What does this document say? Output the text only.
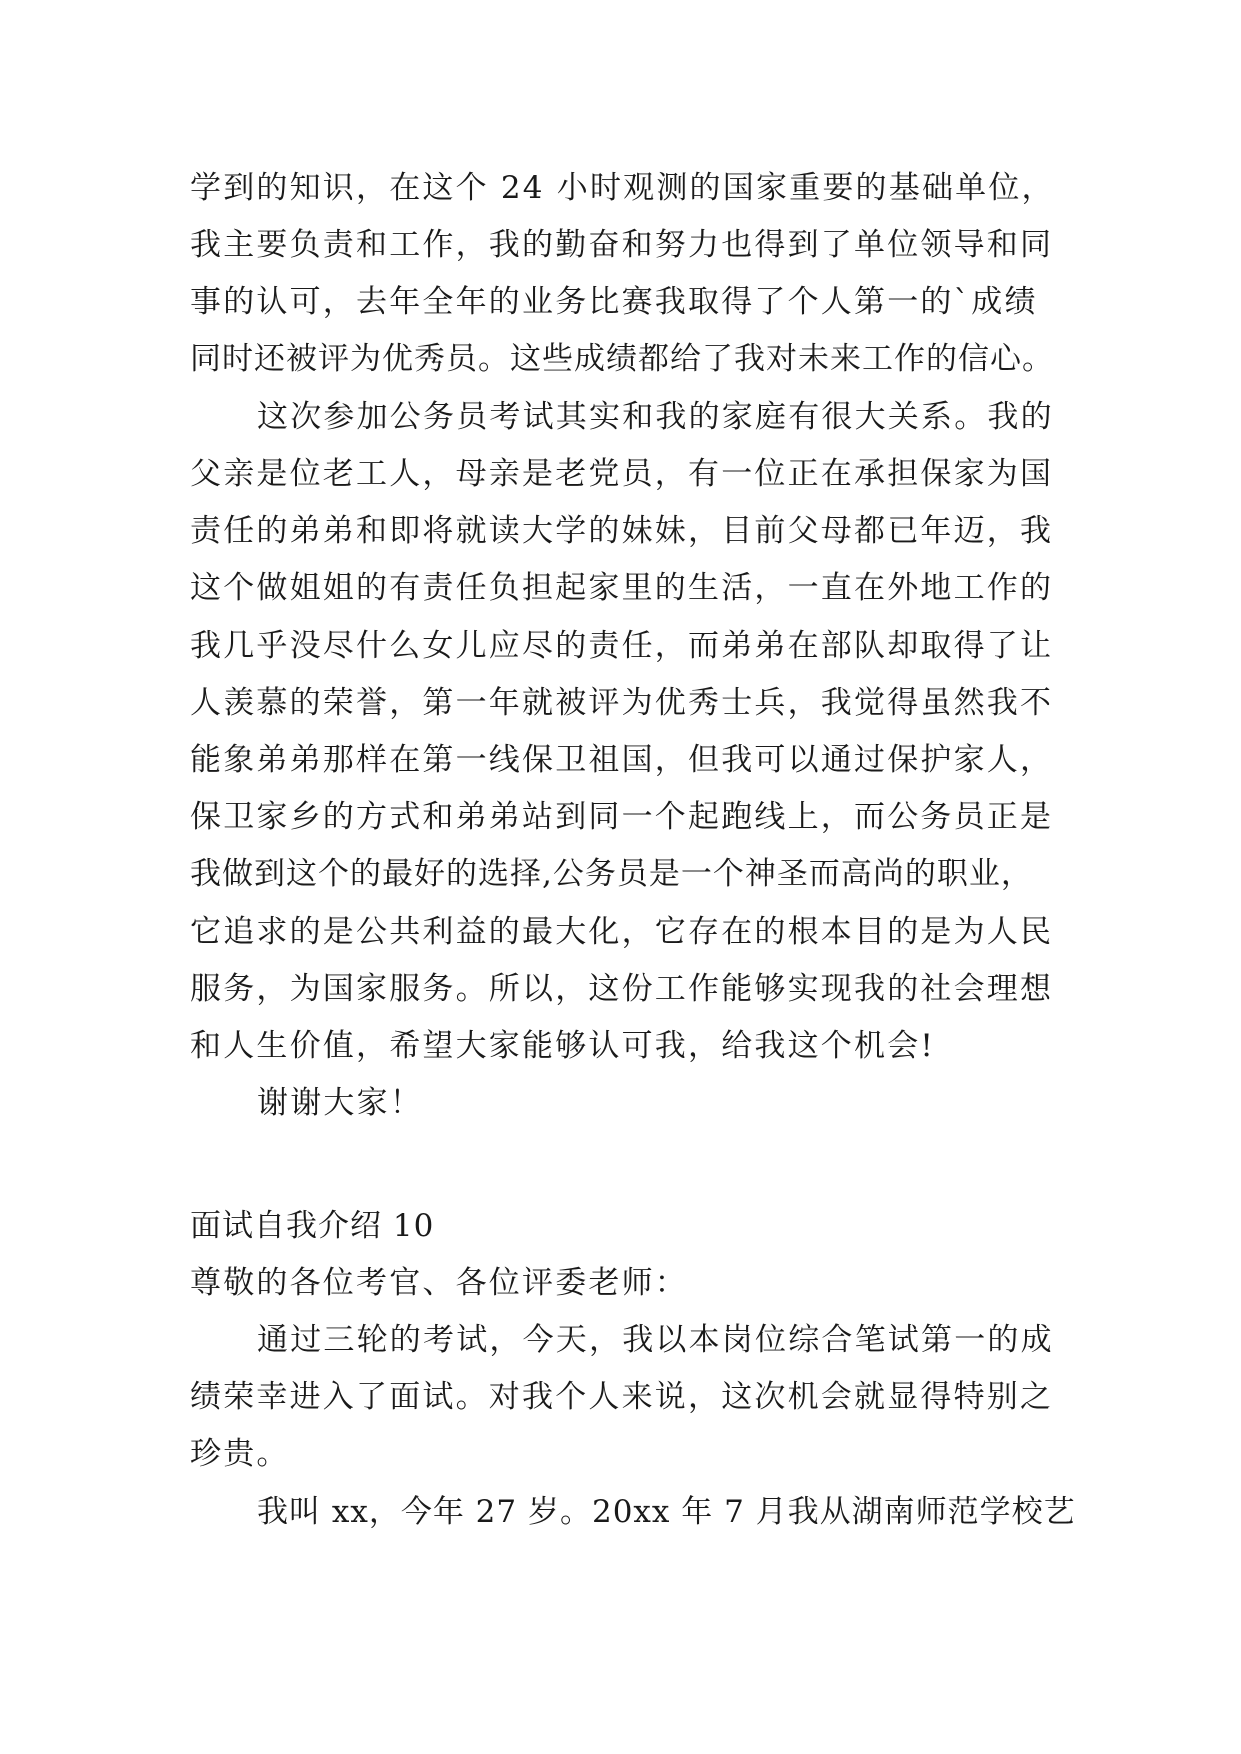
学到的知识，在这个 24 小时观测的国家重要的基础单位，
我主要负责和工作，我的勤奋和努力也得到了单位领导和同
事的认可，去年全年的业务比赛我取得了个人第一的`成绩
同时还被评为优秀员。这些成绩都给了我对未来工作的信心。
这次参加公务员考试其实和我的家庭有很大关系。我的
父亲是位老工人，母亲是老党员，有一位正在承担保家为国
责任的弟弟和即将就读大学的妹妹，目前父母都已年迈，我
这个做姐姐的有责任负担起家里的生活，一直在外地工作的
我几乎没尽什么女儿应尽的责任，而弟弟在部队却取得了让
人羡慕的荣誉，第一年就被评为优秀士兵，我觉得虽然我不
能象弟弟那样在第一线保卫祖国，但我可以通过保护家人，
保卫家乡的方式和弟弟站到同一个起跑线上，而公务员正是
我做到这个的最好的选择,公务员是一个神圣而高尚的职业，
它追求的是公共利益的最大化，它存在的根本目的是为人民
服务，为国家服务。所以，这份工作能够实现我的社会理想
和人生价值，希望大家能够认可我，给我这个机会!
谢谢大家！
面试自我介绍 10
尊敬的各位考官、各位评委老师：
通过三轮的考试，今天，我以本岗位综合笔试第一的成
绩荣幸进入了面试。对我个人来说，这次机会就显得特别之
珍贵。
我叫 xx，今年 27 岁。20xx 年 7 月我从湖南师范学校艺
